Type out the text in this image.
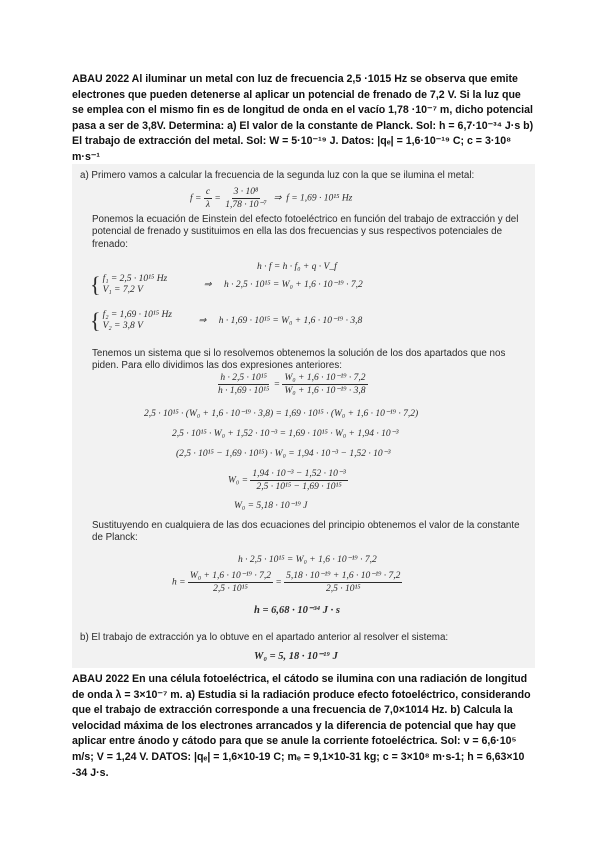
ABAU 2022 Al iluminar un metal con luz de frecuencia 2,5 ·1015 Hz se observa que emite electrones que pueden detenerse al aplicar un potencial de frenado de 7,2 V. Si la luz que se emplea con el mismo fin es de longitud de onda en el vacío 1,78 ·10⁻⁷ m, dicho potencial pasa a ser de 3,8V. Determina: a) El valor de la constante de Planck. Sol: h = 6,7·10⁻³⁴ J·s b) El trabajo de extracción del metal. Sol: W = 5·10⁻¹⁹ J. Datos: |qₑ| = 1,6·10⁻¹⁹ C; c = 3·10⁸ m·s⁻¹
a) Primero vamos a calcular la frecuencia de la segunda luz con la que se ilumina el metal:
$f = \frac{c}{\lambda} = \frac{\text{3 · 10⁸}}{\text{1,78 · 10⁻⁷}}$ ⇒ f = 1,69 · 10¹⁵ Hz
Ponemos la ecuación de Einstein del efecto fotoeléctrico en función del trabajo de extracción y del potencial de frenado y sustituimos en ella las dos frecuencias y sus respectivos potenciales de frenado:
h · f = h · f₀ + q · V_f
{ f₁ = 2,5 · 10¹⁵ Hz
V₁ = 7,2 V	⇒ h · 2,5 · 10¹⁵ = W₀ + 1,6 · 10⁻¹⁹ · 7,2
{ f₂ = 1,69 · 10¹⁵ Hz
V₂ = 3,8 V	⇒ h · 1,69 · 10¹⁵ = W₀ + 1,6 · 10⁻¹⁹ · 3,8
Tenemos un sistema que si lo resolvemos obtenemos la solución de los dos apartados que nos piden. Para ello dividimos las dos expresiones anteriores:
$\frac{\text{h · 2,5 · 10¹⁵}}{\text{h · 1,69 · 10¹⁵}} = \frac{\text{W₀ + 1,6 · 10⁻¹⁹ · 7,2}}{\text{W₀ + 1,6 · 10⁻¹⁹ · 3,8}}$
2,5 · 10¹⁵ · (W₀ + 1,6 · 10⁻¹⁹ · 3,8) = 1,69 · 10¹⁵ · (W₀ + 1,6 · 10⁻¹⁹ · 7,2)
2,5 · 10¹⁵ · W₀ + 1,52 · 10⁻³ = 1,69 · 10¹⁵ · W₀ + 1,94 · 10⁻³
(2,5 · 10¹⁵ − 1,69 · 10¹⁵) · W₀ = 1,94 · 10⁻³ − 1,52 · 10⁻³
$W_0 = \frac{\text{1,94 · 10⁻³ − 1,52 · 10⁻³}}{\text{2,5 · 10¹⁵ − 1,69 · 10¹⁵}}$
W₀ = 5,18 · 10⁻¹⁹ J
Sustituyendo en cualquiera de las dos ecuaciones del principio obtenemos el valor de la constante de Planck:
h · 2,5 · 10¹⁵ = W₀ + 1,6 · 10⁻¹⁹ · 7,2
$h = \frac{\text{W₀ + 1,6 · 10⁻¹⁹ · 7,2}}{\text{2,5 · 10¹⁵}} = \frac{\text{5,18 · 10⁻¹⁹ + 1,6 · 10⁻¹⁹ · 7,2}}{\text{2,5 · 10¹⁵}}$
h = 6,68 · 10⁻³⁴ J · s
b) El trabajo de extracción ya lo obtuve en el apartado anterior al resolver el sistema:
W₀ = 5, 18 · 10⁻¹⁹ J
ABAU 2022 En una célula fotoeléctrica, el cátodo se ilumina con una radiación de longitud de onda λ = 3×10⁻⁷ m. a) Estudia si la radiación produce efecto fotoeléctrico, considerando que el trabajo de extracción corresponde a una frecuencia de 7,0×1014 Hz. b) Calcula la velocidad máxima de los electrones arrancados y la diferencia de potencial que hay que aplicar entre ánodo y cátodo para que se anule la corriente fotoeléctrica. Sol: v = 6,6·10⁵ m/s; V = 1,24 V. DATOS: |qₑ| = 1,6×10-19 C; mₑ = 9,1×10-31 kg; c = 3×10⁸ m·s-1; h = 6,63×10 -34 J·s.
